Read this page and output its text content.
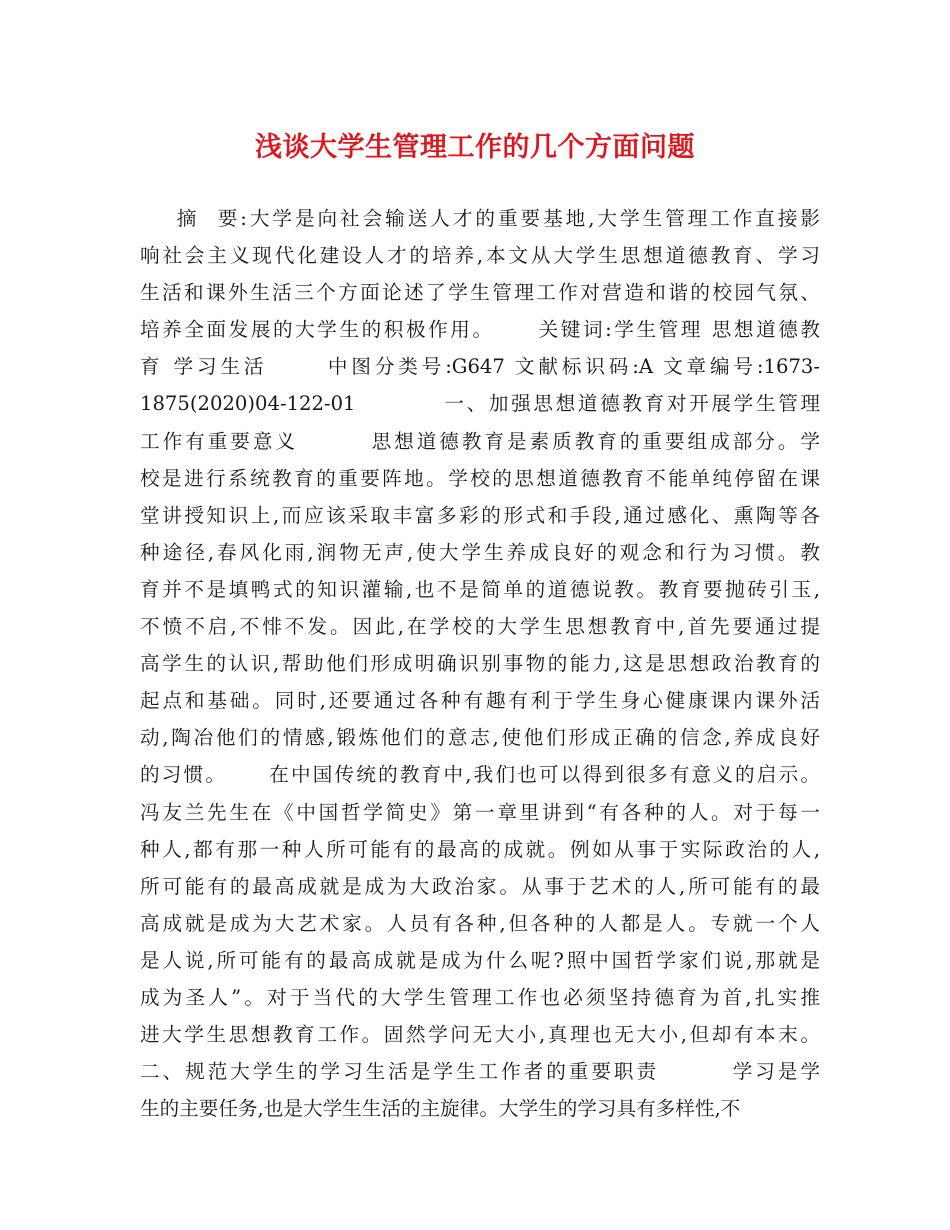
浅谈大学生管理工作的几个方面问题
摘  要:大学是向社会输送人才的重要基地,大学生管理工作直接影
响社会主义现代化建设人才的培养,本文从大学生思想道德教育、学习
生活和课外生活三个方面论述了学生管理工作对营造和谐的校园气氛、
培养全面发展的大学生的积极作用。     关键词:学生管理 思想道德教
育 学习生活      中图分类号:G647 文献标识码:A 文章编号:1673-
1875(2020)04-122-01          一、加强思想道德教育对开展学生管理
工作有重要意义        思想道德教育是素质教育的重要组成部分。学
校是进行系统教育的重要阵地。学校的思想道德教育不能单纯停留在课
堂讲授知识上,而应该采取丰富多彩的形式和手段,通过感化、熏陶等各
种途径,春风化雨,润物无声,使大学生养成良好的观念和行为习惯。教
育并不是填鸭式的知识灌输,也不是简单的道德说教。教育要抛砖引玉,
不愤不启,不悱不发。因此,在学校的大学生思想教育中,首先要通过提
高学生的认识,帮助他们形成明确识别事物的能力,这是思想政治教育的
起点和基础。同时,还要通过各种有趣有利于学生身心健康课内课外活
动,陶冶他们的情感,锻炼他们的意志,使他们形成正确的信念,养成良好
的习惯。     在中国传统的教育中,我们也可以得到很多有意义的启示。
冯友兰先生在《中国哲学简史》第一章里讲到“有各种的人。对于每一
种人,都有那一种人所可能有的最高的成就。例如从事于实际政治的人,
所可能有的最高成就是成为大政治家。从事于艺术的人,所可能有的最
高成就是成为大艺术家。人员有各种,但各种的人都是人。专就一个人
是人说,所可能有的最高成就是成为什么呢?照中国哲学家们说,那就是
成为圣人”。对于当代的大学生管理工作也必须坚持德育为首,扎实推
进大学生思想教育工作。固然学问无大小,真理也无大小,但却有本末。
二、规范大学生的学习生活是学生工作者的重要职责        学习是学
生的主要任务,也是大学生生活的主旋律。大学生的学习具有多样性,不
